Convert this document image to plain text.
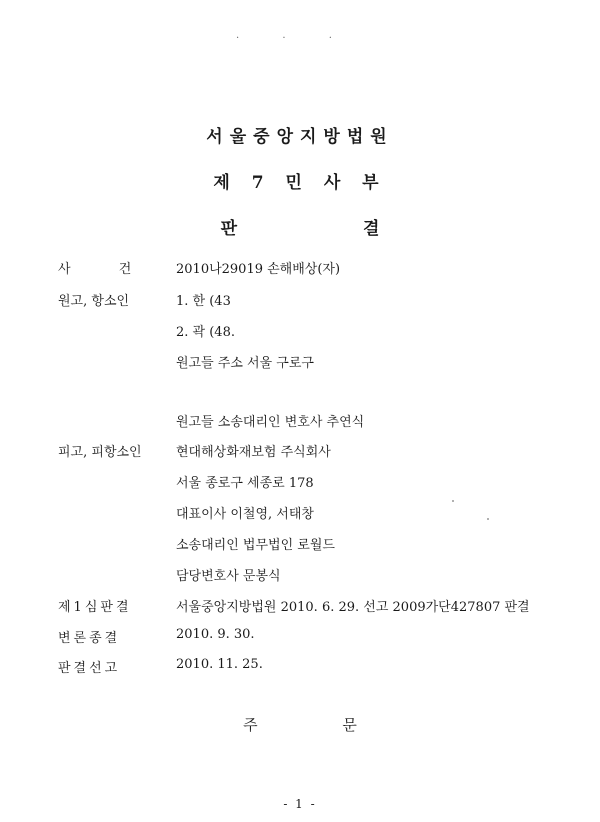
. . .
서울중앙지방법원
제 7 민 사 부
판 결
사 건 2010나29019 손해배상(자)
원고, 항소인	1. 한 (43
2. 곽 (48.
원고들 주소 서울 구로구
원고들 소송대리인 변호사 추연식
피고, 피항소인	현대해상화재보험 주식회사
서울 종로구 세종로 178
대표이사 이철영, 서태창
소송대리인 법무법인 로월드
담당변호사 문봉식
제1심판결	서울중앙지방법원 2010. 6. 29. 선고 2009가단427807 판결
변론종결	2010. 9. 30.
판결선고	2010. 11. 25.
주 문
- 1 -
